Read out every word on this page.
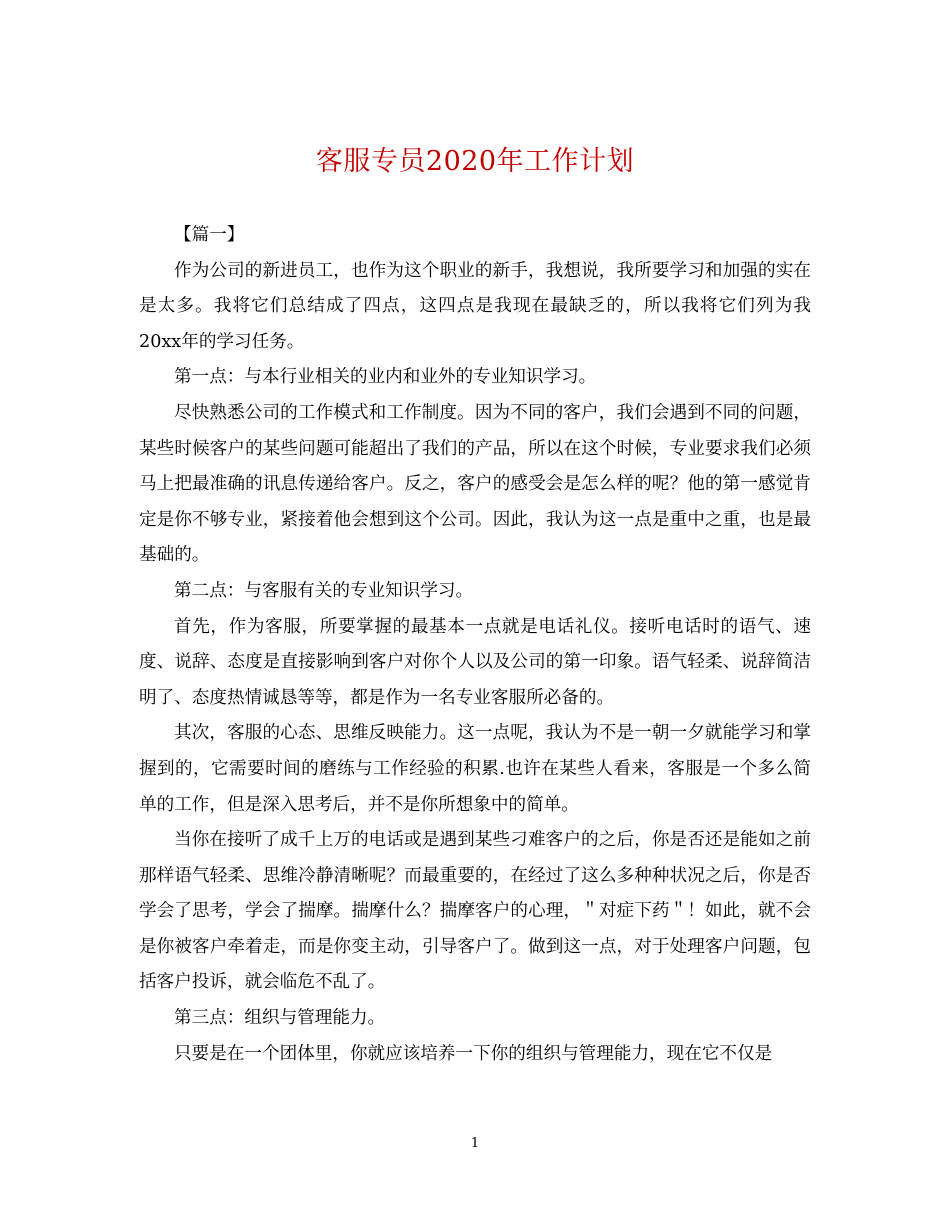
客服专员2020年工作计划

【篇一】

作为公司的新进员工，也作为这个职业的新手，我想说，我所要学习和加强的实在是太多。我将它们总结成了四点，这四点是我现在最缺乏的，所以我将它们列为我20xx年的学习任务。

第一点：与本行业相关的业内和业外的专业知识学习。

尽快熟悉公司的工作模式和工作制度。因为不同的客户，我们会遇到不同的问题，某些时候客户的某些问题可能超出了我们的产品，所以在这个时候，专业要求我们必须马上把最准确的讯息传递给客户。反之，客户的感受会是怎么样的呢？他的第一感觉肯定是你不够专业，紧接着他会想到这个公司。因此，我认为这一点是重中之重，也是最基础的。

第二点：与客服有关的专业知识学习。

首先，作为客服，所要掌握的最基本一点就是电话礼仪。接听电话时的语气、速度、说辞、态度是直接影响到客户对你个人以及公司的第一印象。语气轻柔、说辞简洁明了、态度热情诚恳等等，都是作为一名专业客服所必备的。

其次，客服的心态、思维反映能力。这一点呢，我认为不是一朝一夕就能学习和掌握到的，它需要时间的磨练与工作经验的积累.也许在某些人看来，客服是一个多么简单的工作，但是深入思考后，并不是你所想象中的简单。

当你在接听了成千上万的电话或是遇到某些刁难客户的之后，你是否还是能如之前那样语气轻柔、思维冷静清晰呢？而最重要的，在经过了这么多种种状况之后，你是否学会了思考，学会了揣摩。揣摩什么？揣摩客户的心理，＂对症下药＂！如此，就不会是你被客户牵着走，而是你变主动，引导客户了。做到这一点，对于处理客户问题，包括客户投诉，就会临危不乱了。

第三点：组织与管理能力。

只要是在一个团体里，你就应该培养一下你的组织与管理能力，现在它不仅是

1
